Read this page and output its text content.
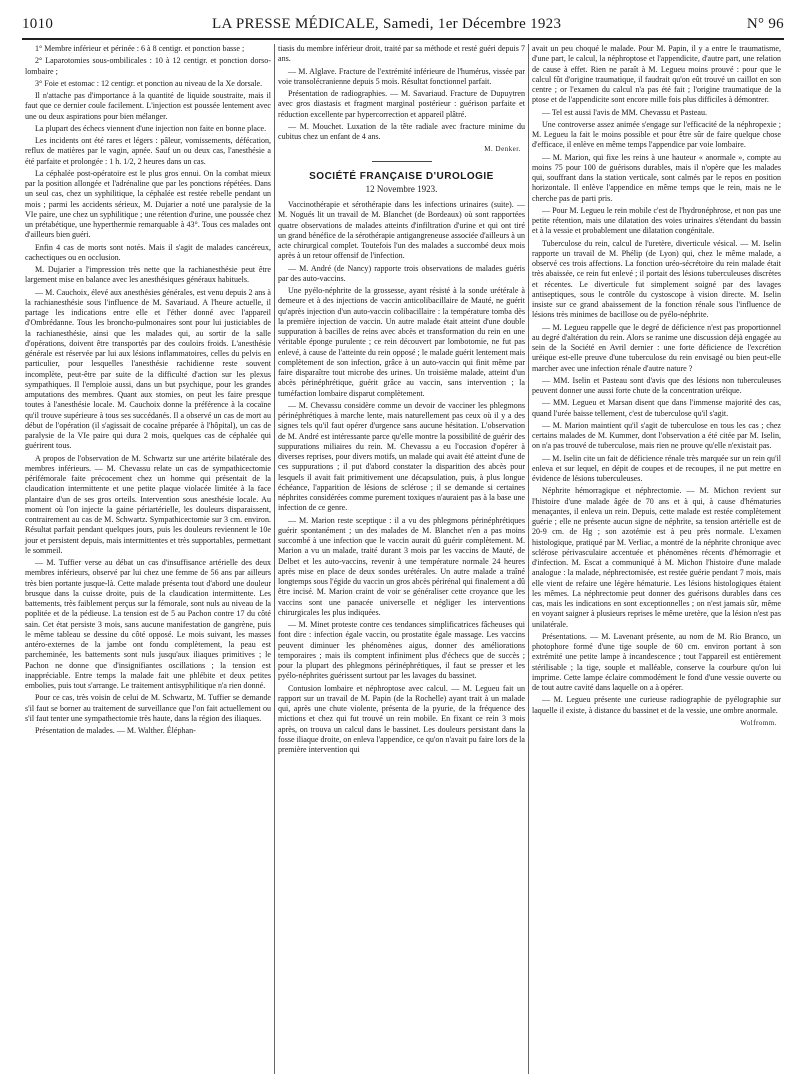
1010	LA PRESSE MÉDICALE, Samedi, 1er Décembre 1923	N° 96

1° Membre inférieur et périnée : 6 à 8 centigr. et ponction basse ;

2° Laparotomies sous-ombilicales : 10 à 12 centigr. et ponction dorso-lombaire ;

3° Foie et estomac : 12 centigr. et ponction au niveau de la Xe dorsale.

Il n'attache pas d'importance à la quantité de liquide soustraite, mais il faut que ce dernier coule facilement. L'injection est poussée lentement avec une ou deux aspirations pour bien mélanger.

La plupart des échecs viennent d'une injection non faite en bonne place.

Les incidents ont été rares et légers : pâleur, vomissements, défécation, reflux de matières par le vagin, apnée. Sauf un ou deux cas, l'anesthésie a été parfaite et prolongée : 1 h. 1/2, 2 heures dans un cas.

La céphalée post-opératoire est le plus gros ennui. On la combat mieux par la position allongée et l'adrénaline que par les ponctions répétées. Dans un seul cas, chez un syphilitique, la céphalée est restée rebelle pendant un mois ; parmi les accidents sérieux, M. Dujarier a noté une paralysie de la VIe paire, une chez un syphilitique ; une rétention d'urine, une poussée chez un prétabétique, une hyperthermie remarquable à 43°. Tous ces malades ont d'ailleurs bien guéri.

Enfin 4 cas de morts sont notés. Mais il s'agit de malades cancéreux, cachectiques ou en occlusion.

M. Dujarier a l'impression très nette que la rachianesthésie peut être largement mise en balance avec les anesthésiques généraux habituels.

— M. Cauchoix, élevé aux anesthésies générales, est venu depuis 2 ans à la rachianesthésie sous l'influence de M. Savariaud. A l'heure actuelle, il partage les indications entre elle et l'éther donné avec l'appareil d'Ombrédanne. Tous les broncho-pulmonaires sont pour lui justiciables de la rachianesthésie, ainsi que les malades qui, au sortir de la salle d'opérations, doivent être transportés par des couloirs froids. L'anesthésie générale est réservée par lui aux lésions inflammatoires, celles du pelvis en particulier, pour lesquelles l'anesthésie rachidienne reste souvent incomplète, peut-être par suite de la difficulté d'action sur les plexus sympathiques. Il l'emploie aussi, dans un but psychique, pour les grandes amputations des membres. Quant aux stomies, on peut les faire presque toutes à l'anesthésie locale. M. Cauchoix donne la préférence à la cocaïne qu'il trouve supérieure à tous ses succédanés. Il a observé un cas de mort au début de l'opération (il s'agissait de cocaïne préparée à l'hôpital), un cas de paralysie de la VIe paire qui dura 2 mois, quelques cas de céphalée qui guérirent tous.

A propos de l'observation de M. Schwartz sur une artérite bilatérale des membres inférieurs. — M. Chevassu relate un cas de sympathicectomie périfémorale faite précocement chez un homme qui présentait de la claudication intermittente et une petite plaque violacée limitée à la face plantaire d'un de ses gros orteils. Intervention sous anesthésie locale. Au moment où l'on injecte la gaine périartérielle, les douleurs disparaissent, contrairement au cas de M. Schwartz. Sympathicectomie sur 3 cm. environ. Résultat parfait pendant quelques jours, puis les douleurs reviennent le 10e jour et persistent depuis, mais intermittentes et très supportables, permettant le sommeil.

— M. Tuffier verse au débat un cas d'insuffisance artérielle des deux membres inférieurs, observé par lui chez une femme de 56 ans par ailleurs très bien portante jusque-là. Cette malade présenta tout d'abord une douleur brusque dans la cuisse droite, puis de la claudication intermittente. Les battements, très faiblement perçus sur la fémorale, sont nuls au niveau de la poplitée et de la pédieuse. La tension est de 5 au Pachon contre 17 du côté sain. Cet état persiste 3 mois, sans aucune manifestation de gangrène, puis le même tableau se dessine du côté opposé. Le mois suivant, les masses antéro-externes de la jambe ont fondu complètement, la peau est parcheminée, les battements sont nuls jusqu'aux iliaques primitives ; le Pachon ne donne que d'insignifiantes oscillations ; la tension est inappréciable. Entre temps la malade fait une phlébite et deux petites embolies, puis tout s'arrange. Le traitement antisyphilitique n'a rien donné.

Pour ce cas, très voisin de celui de M. Schwartz, M. Tuffier se demande s'il faut se borner au traitement de surveillance que l'on fait actuellement ou s'il faut tenter une sympathectomie très haute, dans la région des iliaques.

Présentation de malades. — M. Walther. Éléphan-

tiasis du membre inférieur droit, traité par sa méthode et resté guéri depuis 7 ans.

— M. Alglave. Fracture de l'extrémité inférieure de l'humérus, vissée par voie transolécranienne depuis 5 mois. Résultat fonctionnel parfait.

Présentation de radiographies. — M. Savariaud. Fracture de Dupuytren avec gros diastasis et fragment marginal postérieur : guérison parfaite et réduction excellente par hypercorrection et appareil plâtré.

— M. Mouchet. Luxation de la tête radiale avec fracture minime du cubitus chez un enfant de 4 ans.

M. Denker.
SOCIÉTÉ FRANÇAISE D'UROLOGIE
12 Novembre 1923.

Vaccinothérapie et sérothérapie dans les infections urinaires (suite). — M. Nogués lit un travail de M. Blanchet (de Bordeaux) où sont rapportées quatre observations de malades atteints d'infiltration d'urine et qui ont tiré un grand bénéfice de la sérothérapie antigangreneuse associée d'ailleurs à un acte chirurgical complet. Toutefois l'un des malades a succombé deux mois après à un retour offensif de l'infection.

— M. André (de Nancy) rapporte trois observations de malades guéris par des auto-vaccins.

Une pyélo-néphrite de la grossesse, ayant résisté à la sonde urétérale à demeure et à des injections de vaccin anticolibacillaire de Mauté, ne guérit qu'après injection d'un auto-vaccin colibacillaire : la température tomba dès la première injection de vaccin. Un autre malade était atteint d'une double suppuration à bacilles de reins avec abcès et transformation du rein en une véritable éponge purulente ; ce rein découvert par lombotomie, ne fut pas enlevé, à cause de l'atteinte du rein opposé ; le malade guérit lentement mais complètement de son infection, grâce à un auto-vaccin qui finit même par faire disparaître tout microbe des urines. Un troisième malade, atteint d'un abcès périnéphrétique, guérit grâce au vaccin, sans intervention ; la tuméfaction lombaire disparut complètement.

— M. Chevassu considère comme un devoir de vacciner les phlegmons périnéphrétiques à marche lente, mais naturellement pas ceux où il y a des signes tels qu'il faut opérer d'urgence sans aucune hésitation. L'observation de M. André est intéressante parce qu'elle montre la possibilité de guérir des suppurations miliaires du rein. M. Chevassu a eu l'occasion d'opérer à diverses reprises, pour divers motifs, un malade qui avait été atteint d'une de ces suppurations ; il put d'abord constater la disparition des abcès pour lesquels il avait fait primitivement une décapsulation, puis, à plus longue échéance, l'apparition de lésions de sclérose ; il se demande si certaines néphrites considérées comme purement toxiques n'auraient pas à la base une infection de ce genre.

— M. Marion reste sceptique : il a vu des phlegmons périnéphrétiques guérir spontanément ; un des malades de M. Blanchet n'en a pas moins succombé à une infection que le vaccin aurait dû guérir complètement. M. Marion a vu un malade, traité durant 3 mois par les vaccins de Mauté, de Delbet et les auto-vaccins, revenir à une température normale 24 heures après mise en place de deux sondes urétérales. Un autre malade a traîné longtemps sous l'égide du vaccin un gros abcès périrénal qui finalement a dû être incisé. M. Marion craint de voir se généraliser cette croyance que les vaccins sont une panacée universelle et négliger les interventions chirurgicales les plus indiquées.

— M. Minet proteste contre ces tendances simplificatrices fâcheuses qui font dire : infection égale vaccin, ou prostatite égale massage. Les vaccins peuvent diminuer les phénomènes aigus, donner des améliorations temporaires ; mais ils comptent infiniment plus d'échecs que de succès ; pour la plupart des phlegmons périnéphrétiques, il faut se presser et les pyélo-néphrites guérissent surtout par les lavages du bassinet.

Contusion lombaire et néphroptose avec calcul. — M. Legueu fait un rapport sur un travail de M. Papin (de la Rochelle) ayant trait à un malade qui, après une chute violente, présenta de la pyurie, de la fréquence des mictions et chez qui fut trouvé un rein mobile. En fixant ce rein 3 mois après, on trouva un calcul dans le bassinet. Les douleurs persistant dans la fosse iliaque droite, on enleva l'appendice, ce qu'on n'avait pu faire lors de la première intervention qui

avait un peu choqué le malade. Pour M. Papin, il y a entre le traumatisme, d'une part, le calcul, la néphroptose et l'appendicite, d'autre part, une relation de cause à effet. Rien ne paraît à M. Legueu moins prouvé : pour que le calcul fût d'origine traumatique, il faudrait qu'on eût trouvé un caillot en son centre ; or l'examen du calcul n'a pas été fait ; l'origine traumatique de la ptose et de l'appendicite sont encore mille fois plus difficiles à démontrer.

— Tel est aussi l'avis de MM. Chevassu et Pasteau.

Une controverse assez animée s'engage sur l'efficacité de la néphropexie ; M. Legueu la fait le moins possible et pour être sûr de faire quelque chose d'efficace, il enlève en même temps l'appendice par voie lombaire.

— M. Marion, qui fixe les reins à une hauteur « anormale », compte au moins 75 pour 100 de guérisons durables, mais il n'opère que les malades qui, souffrant dans la station verticale, sont calmés par le repos en position horizontale. Il enlève l'appendice en même temps que le rein, mais ne le cherche pas de parti pris.

— Pour M. Legueu le rein mobile c'est de l'hydronéphrose, et non pas une petite rétention, mais une dilatation des voies urinaires s'étendant du bassin et à la vessie et probablement une dilatation congénitale.

Tuberculose du rein, calcul de l'uretère, diverticule vésical. — M. Iselin rapporte un travail de M. Phélip (de Lyon) qui, chez le même malade, a observé ces trois affections. La fonction uréo-sécrétoire du rein malade était très abaissée, ce rein fut enlevé ; il portait des lésions tuberculeuses discrètes et récentes. Le diverticule fut simplement soigné par des lavages antiseptiques, sous le contrôle du cystoscope à vision directe. M. Iselin insiste sur ce grand abaissement de la fonction rénale sous l'influence de lésions très minimes de bacillose ou de pyélo-néphrite.

— M. Legueu rappelle que le degré de déficience n'est pas proportionnel au degré d'altération du rein. Alors se ranime une discussion déjà engagée au sein de la Société en Avril dernier : une forte déficience de l'excrétion uréique est-elle preuve d'une tuberculose du rein envisagé ou bien peut-elle marcher avec une infection rénale d'autre nature ?

— MM. Iselin et Pasteau sont d'avis que des lésions non tuberculeuses peuvent donner une aussi forte chute de la concentration uréique.

— MM. Legueu et Marsan disent que dans l'immense majorité des cas, quand l'urée baisse tellement, c'est de tuberculose qu'il s'agit.

— M. Marion maintient qu'il s'agit de tuberculose en tous les cas ; chez certains malades de M. Kummer, dont l'observation a été citée par M. Iselin, on n'a pas trouvé de tuberculose, mais rien ne prouve qu'elle n'existait pas.

— M. Iselin cite un fait de déficience rénale très marquée sur un rein qu'il enleva et sur lequel, en dépit de coupes et de recoupes, il ne put mettre en évidence de lésions tuberculeuses.

Néphrite hémorragique et néphrectomie. — M. Michon revient sur l'histoire d'une malade âgée de 70 ans et à qui, à cause d'hématuries menaçantes, il enleva un rein. Depuis, cette malade est restée complètement guérie ; elle ne présente aucun signe de néphrite, sa tension artérielle est de 20-9 cm. de Hg ; son azotémie est à peu près normale. L'examen histologique, pratiqué par M. Verliac, a montré de la néphrite chronique avec sclérose périvasculaire accentuée et phénomènes récents d'hémorragie et d'infection. M. Escat a communiqué à M. Michon l'histoire d'une malade analogue : la malade, néphrectomisée, est restée guérie pendant 7 mois, mais elle vient de refaire une légère hématurie. Les lésions histologiques étaient les mêmes. La néphrectomie peut donner des guérisons durables dans ces cas, mais les indications en sont exceptionnelles ; on n'est jamais sûr, même en voyant saigner à plusieurs reprises le même uretère, que la lésion n'est pas unilatérale.

Présentations. — M. Lavenant présente, au nom de M. Rio Branco, un photophore formé d'une tige souple de 60 cm. environ portant à son extrémité une petite lampe à incandescence ; tout l'appareil est entièrement stérilisable ; la tige, souple et malléable, conserve la courbure qu'on lui imprime. Cette lampe éclaire commodément le fond d'une vessie ouverte ou de tout autre cavité dans laquelle on a à opérer.

— M. Legueu présente une curieuse radiographie de pyélographie sur laquelle il existe, à distance du bassinet et de la vessie, une ombre anormale.

Wolfromm.
